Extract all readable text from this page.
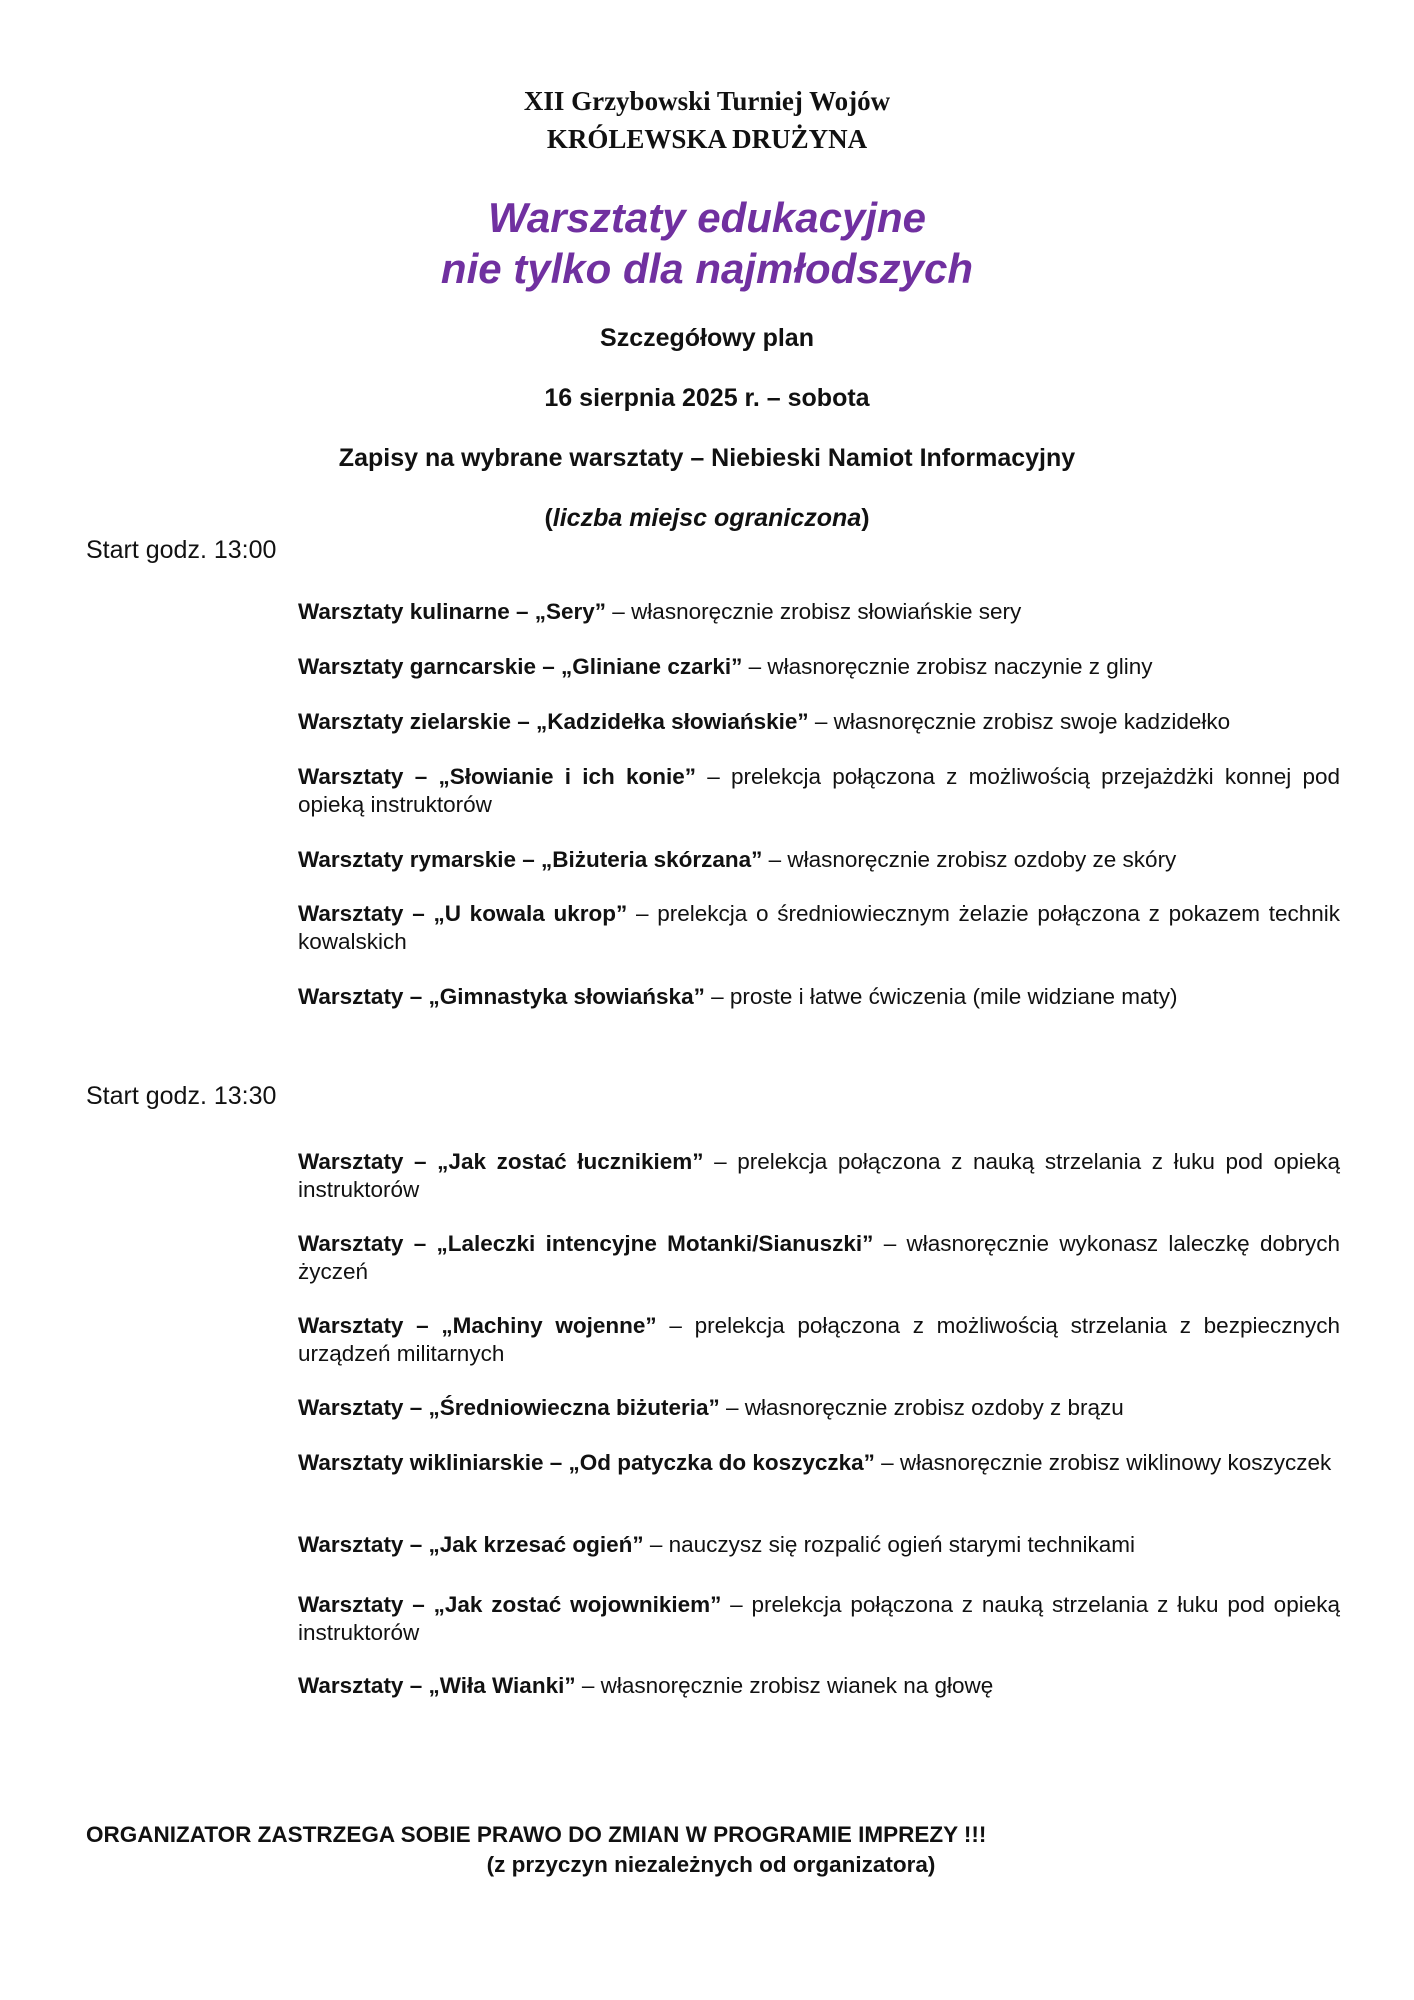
XII Grzybowski Turniej Wojów
KRÓLEWSKA DRUŻYNA
Warsztaty edukacyjne
nie tylko dla najmłodszych
Szczegółowy plan
16 sierpnia 2025 r. – sobota
Zapisy na wybrane warsztaty – Niebieski Namiot Informacyjny
(liczba miejsc ograniczona)
Start godz. 13:00
Warsztaty kulinarne – „Sery” – własnoręcznie zrobisz słowiańskie sery
Warsztaty garncarskie – „Gliniane czarki” – własnoręcznie zrobisz naczynie z gliny
Warsztaty zielarskie – „Kadzidełka słowiańskie” – własnoręcznie zrobisz swoje kadzidełko
Warsztaty – „Słowianie i ich konie” – prelekcja połączona z możliwością przejażdżki konnej pod opieką instruktorów
Warsztaty rymarskie – „Biżuteria skórzana” – własnoręcznie zrobisz ozdoby ze skóry
Warsztaty – „U kowala ukrop” – prelekcja o średniowiecznym żelazie połączona z pokazem technik kowalskich
Warsztaty – „Gimnastyka słowiańska” – proste i łatwe ćwiczenia (mile widziane maty)
Start godz. 13:30
Warsztaty – „Jak zostać łucznikiem” – prelekcja połączona z nauką strzelania z łuku pod opieką instruktorów
Warsztaty – „Laleczki intencyjne Motanki/Sianuszki” – własnoręcznie wykonasz laleczkę dobrych życzeń
Warsztaty – „Machiny wojenne” – prelekcja połączona z możliwością strzelania z bezpiecznych urządzeń militarnych
Warsztaty – „Średniowieczna biżuteria” – własnoręcznie zrobisz ozdoby z brązu
Warsztaty wikliniarskie – „Od patyczka do koszyczka” – własnoręcznie zrobisz wiklinowy koszyczek
Warsztaty – „Jak krzesać ogień” – nauczysz się rozpalić ogień starymi technikami
Warsztaty – „Jak zostać wojownikiem” – prelekcja połączona z nauką strzelania z łuku pod opieką instruktorów
Warsztaty – „Wiła Wianki” – własnoręcznie zrobisz wianek na głowę
ORGANIZATOR ZASTRZEGA SOBIE PRAWO DO ZMIAN W PROGRAMIE IMPREZY !!!
(z przyczyn niezależnych od organizatora)
